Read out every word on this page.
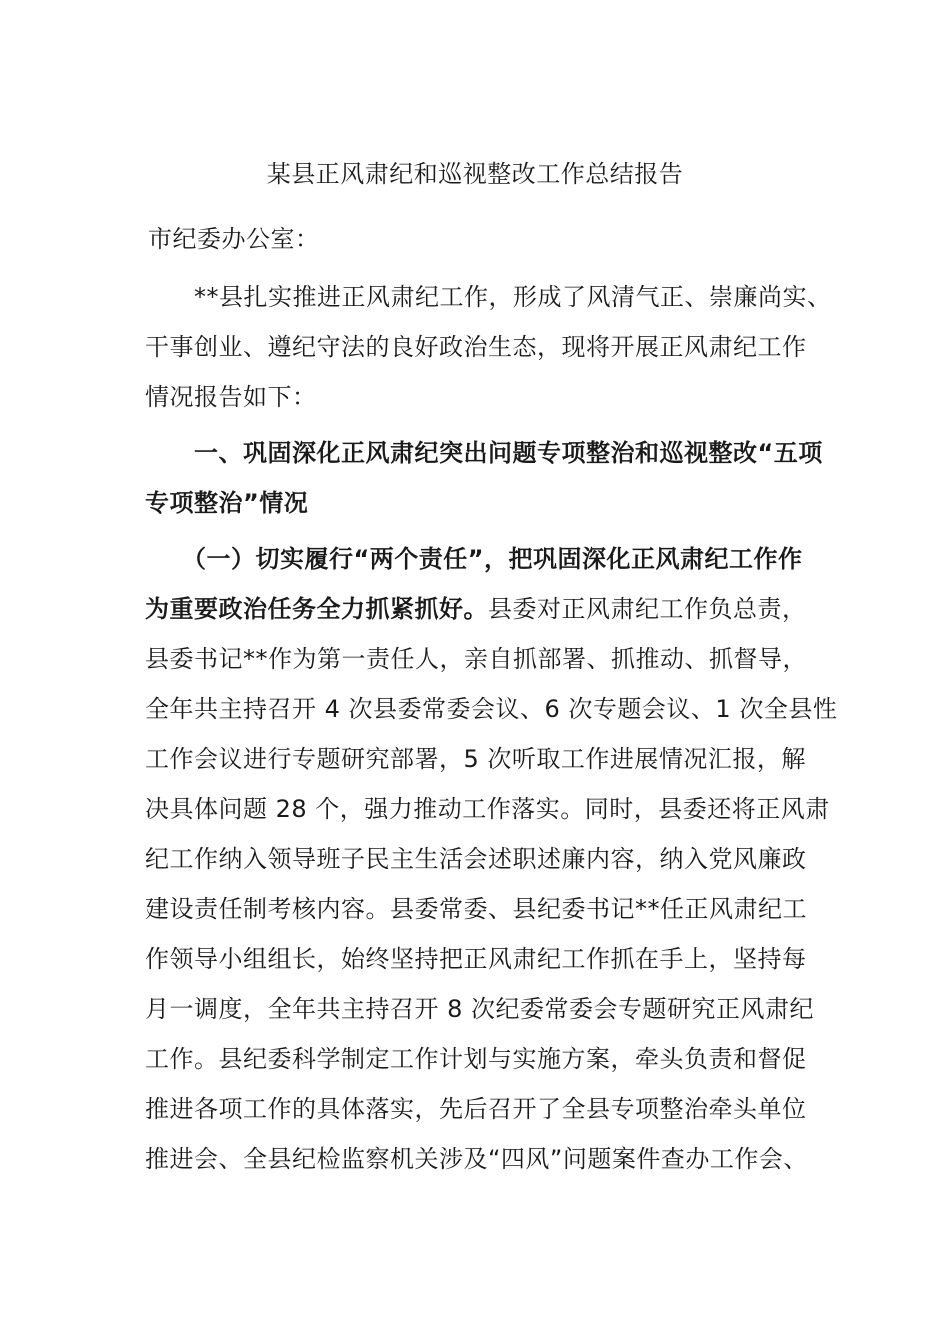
某县正风肃纪和巡视整改工作总结报告
市纪委办公室：
　　**县扎实推进正风肃纪工作，形成了风清气正、崇廉尚实、
干事创业、遵纪守法的良好政治生态，现将开展正风肃纪工作
情况报告如下：
　　一、巩固深化正风肃纪突出问题专项整治和巡视整改“五项
专项整治”情况
　　（一）切实履行“两个责任”，把巩固深化正风肃纪工作作
为重要政治任务全力抓紧抓好。县委对正风肃纪工作负总责，
县委书记**作为第一责任人，亲自抓部署、抓推动、抓督导，
全年共主持召开 4 次县委常委会议、6 次专题会议、1 次全县性
工作会议进行专题研究部署，5 次听取工作进展情况汇报，解
决具体问题 28 个，强力推动工作落实。同时，县委还将正风肃
纪工作纳入领导班子民主生活会述职述廉内容，纳入党风廉政
建设责任制考核内容。县委常委、县纪委书记**任正风肃纪工
作领导小组组长，始终坚持把正风肃纪工作抓在手上，坚持每
月一调度，全年共主持召开 8 次纪委常委会专题研究正风肃纪
工作。县纪委科学制定工作计划与实施方案，牵头负责和督促
推进各项工作的具体落实，先后召开了全县专项整治牵头单位
推进会、全县纪检监察机关涉及“四风”问题案件查办工作会、
